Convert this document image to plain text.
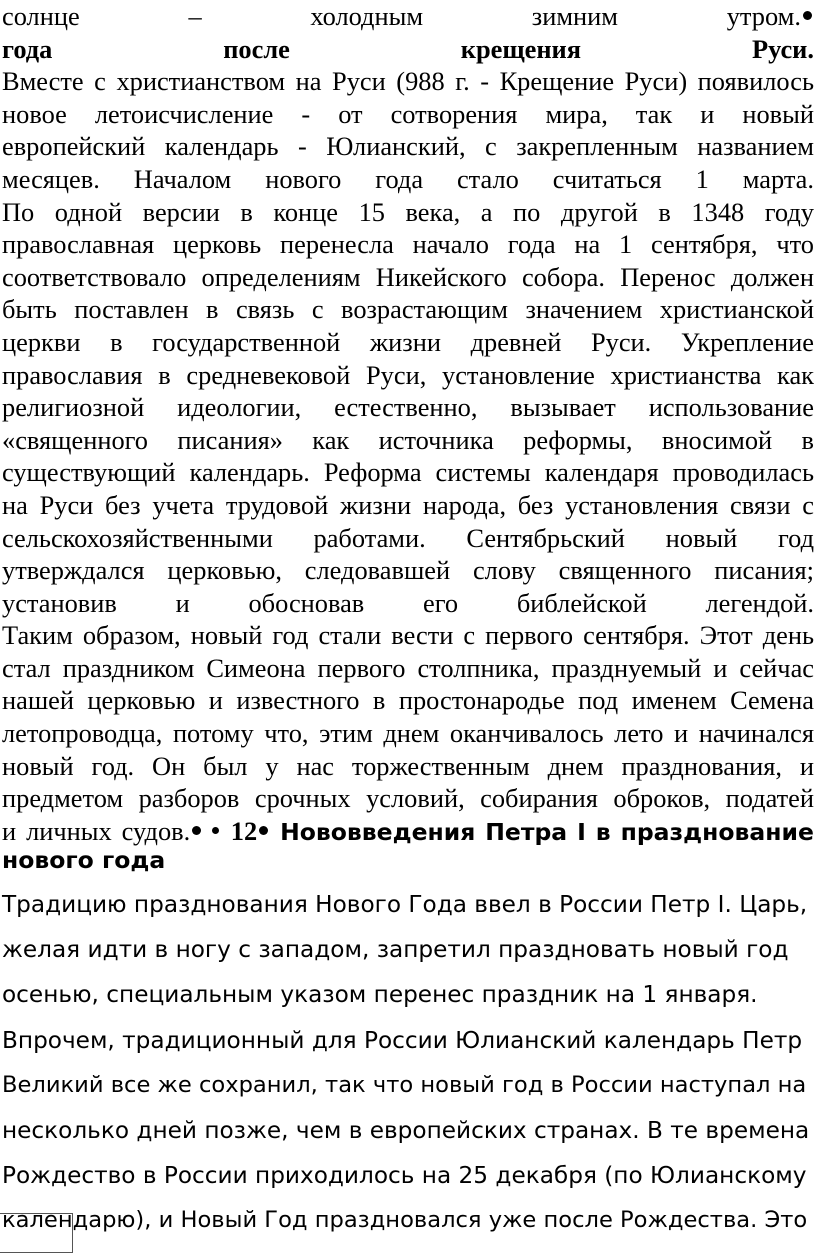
солнце	–	холодным	зимним	утром.
года	после	крещения	Руси.
Вместе с христианством на Руси (988 г. - Крещение Руси) появилось
новое летоисчисление - от сотворения мира, так и новый
европейский календарь - Юлианский, с закрепленным названием
месяцев. Началом нового года стало считаться 1 марта.
По одной версии в конце 15 века, а по другой в 1348 году
православная церковь перенесла начало года на 1 сентября, что
соответствовало определениям Никейского собора. Перенос должен
быть поставлен в связь с возрастающим значением христианской
церкви в государственной жизни древней Руси. Укрепление
православия в средневековой Руси, установление христианства как
религиозной идеологии, естественно, вызывает использование
«священного писания» как источника реформы, вносимой в
существующий календарь. Реформа системы календаря проводилась
на Руси без учета трудовой жизни народа, без установления связи с
сельскохозяйственными работами. Сентябрьский новый год
утверждался церковью, следовавшей слову священного писания;
установив и обосновав его библейской легендой.
Таким образом, новый год стали вести с первого сентября. Этот день
стал праздником Симеона первого столпника, празднуемый и сейчас
нашей церковью и известного в простонародье под именем Семена
летопроводца, потому что, этим днем оканчивалось лето и начинался
новый год. Он был у нас торжественным днем празднования, и
предметом разборов срочных условий, собирания оброков, податей
и личных судов.	12 Нововведения Петра I в празднование
нового года
Традицию празднования Нового Года ввел в России Петр I. Царь,
желая идти в ногу с западом, запретил праздновать новый год
осенью, специальным указом перенес праздник на 1 января.
Впрочем, традиционный для России Юлианский календарь Петр
Великий все же сохранил, так что новый год в России наступал на
несколько дней позже, чем в европейских странах. В те времена
Рождество в России приходилось на 25 декабря (по Юлианскому
календарю), и Новый Год праздновался уже после Рождества. Это
